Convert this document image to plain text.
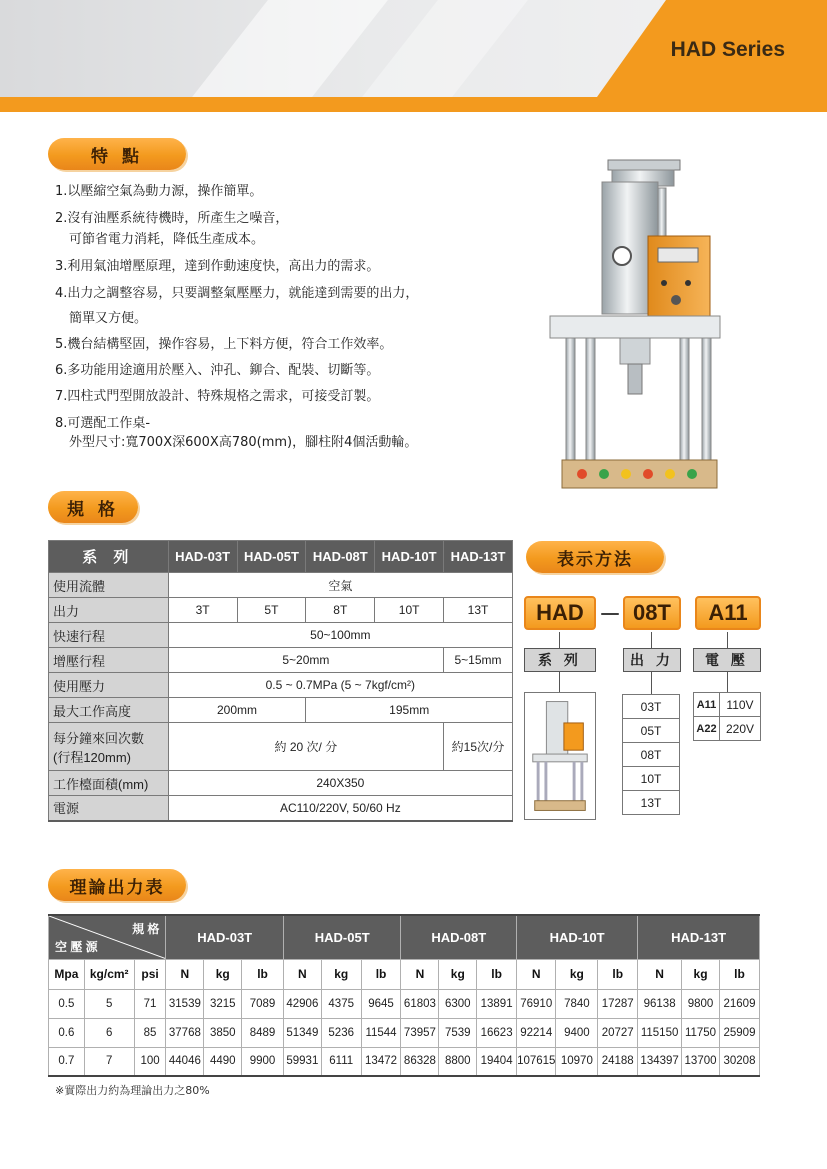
HAD Series
特 點
1.以壓縮空氣為動力源，操作簡單。
2.沒有油壓系統待機時，所產生之噪音，
可節省電力消耗，降低生產成本。
3.利用氣油增壓原理，達到作動速度快，高出力的需求。
4.出力之調整容易，只要調整氣壓壓力，就能達到需要的出力，
簡單又方便。
5.機台結構堅固，操作容易，上下料方便，符合工作效率。
6.多功能用途適用於壓入、沖孔、鉚合、配裝、切斷等。
7.四柱式門型開放設計、特殊規格之需求，可接受訂製。
8.可選配工作桌-
外型尺寸:寬700X深600X高780(mm)，腳柱附4個活動輪。
規 格
系 列	HAD-03T	HAD-05T	HAD-08T	HAD-10T	HAD-13T
使用流體	空氣				
出力	3T	5T	8T	10T	13T
快速行程	50~100mm				
增壓行程	5~20mm				5~15mm
使用壓力	0.5 ~ 0.7MPa (5 ~ 7kgf/cm²)				
最大工作高度	200mm		195mm		

每分鐘來回次數
(行程120mm)	約 20 次/ 分				約15次/分
工作檯面積(mm)	240X350				
電源	AC110/220V, 50/60 Hz				
表示方法
HAD － 08T	A11
系 列	出 力	電 壓
03T
05T
08T
10T
13T
A11	110V
A22	220V
理論出力表
規 格
空 壓 源			HAD-03T			HAD-05T			HAD-08T			HAD-10T			HAD-13T		
Mpa	kg/cm²	psi	N	kg	lb	N	kg	lb	N	kg	lb	N	kg	lb	N	kg	lb
0.5	5	71	31539	3215	7089	42906	4375	9645	61803	6300	13891	76910	7840	17287	96138	9800	21609
0.6	6	85	37768	3850	8489	51349	5236	11544	73957	7539	16623	92214	9400	20727	115150	11750	25909
0.7	7	100	44046	4490	9900	59931	6111	13472	86328	8800	19404	107615	10970	24188	134397	13700	30208
※實際出力約為理論出力之80%
